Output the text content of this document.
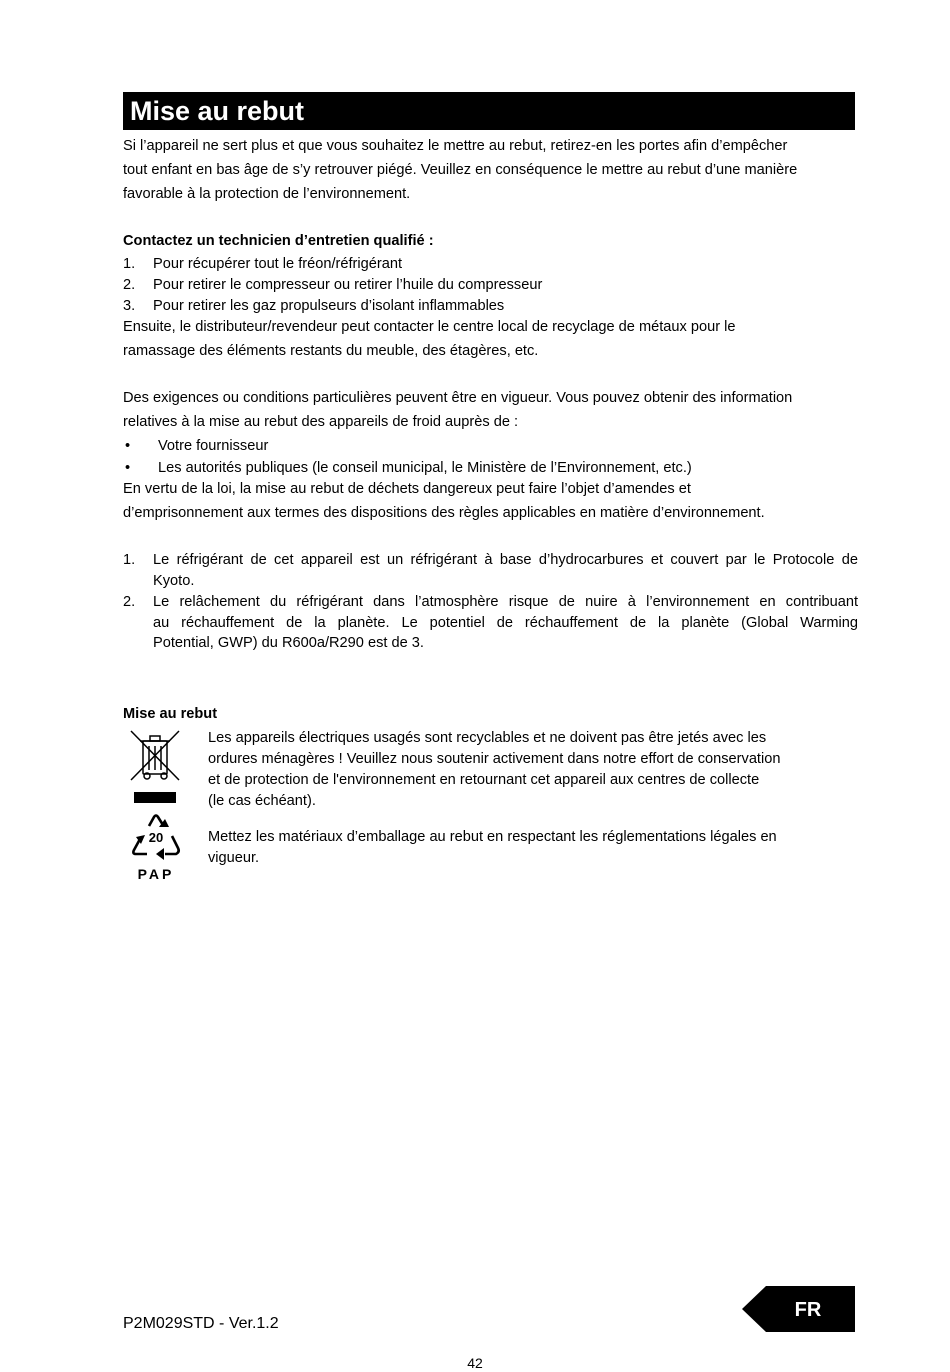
Mise au rebut
Si l’appareil ne sert plus et que vous souhaitez le mettre au rebut, retirez-en les portes afin d’empêcher
tout enfant en bas âge de s’y retrouver piégé. Veuillez en conséquence le mettre au rebut d’une manière
favorable à la protection de l’environnement.
Contactez un technicien d’entretien qualifié :
1. Pour récupérer tout le fréon/réfrigérant
2. Pour retirer le compresseur ou retirer l’huile du compresseur
3. Pour retirer les gaz propulseurs d’isolant inflammables
Ensuite, le distributeur/revendeur peut contacter le centre local de recyclage de métaux pour le
ramassage des éléments restants du meuble, des étagères, etc.
Des exigences ou conditions particulières peuvent être en vigueur. Vous pouvez obtenir des information
relatives à la mise au rebut des appareils de froid auprès de :
• Votre fournisseur
• Les autorités publiques (le conseil municipal, le Ministère de l’Environnement, etc.)
En vertu de la loi, la mise au rebut de déchets dangereux peut faire l’objet d’amendes et
d’emprisonnement aux termes des dispositions des règles applicables en matière d’environnement.
1. Le réfrigérant de cet appareil est un réfrigérant à base d’hydrocarbures et couvert par le Protocole de
Kyoto.
2. Le relâchement du réfrigérant dans l’atmosphère risque de nuire à l’environnement en contribuant
au réchauffement de la planète. Le potentiel de réchauffement de la planète (Global Warming
Potential, GWP) du R600a/R290 est de 3.
Mise au rebut
Les appareils électriques usagés sont recyclables et ne doivent pas être jetés avec les
ordures ménagères ! Veuillez nous soutenir activement dans notre effort de conservation
et de protection de l'environnement en retournant cet appareil aux centres de collecte
(le cas échéant).
20
PAP
Mettez les matériaux d’emballage au rebut en respectant les réglementations légales en
vigueur.
P2M029STD - Ver.1.2
FR
42
